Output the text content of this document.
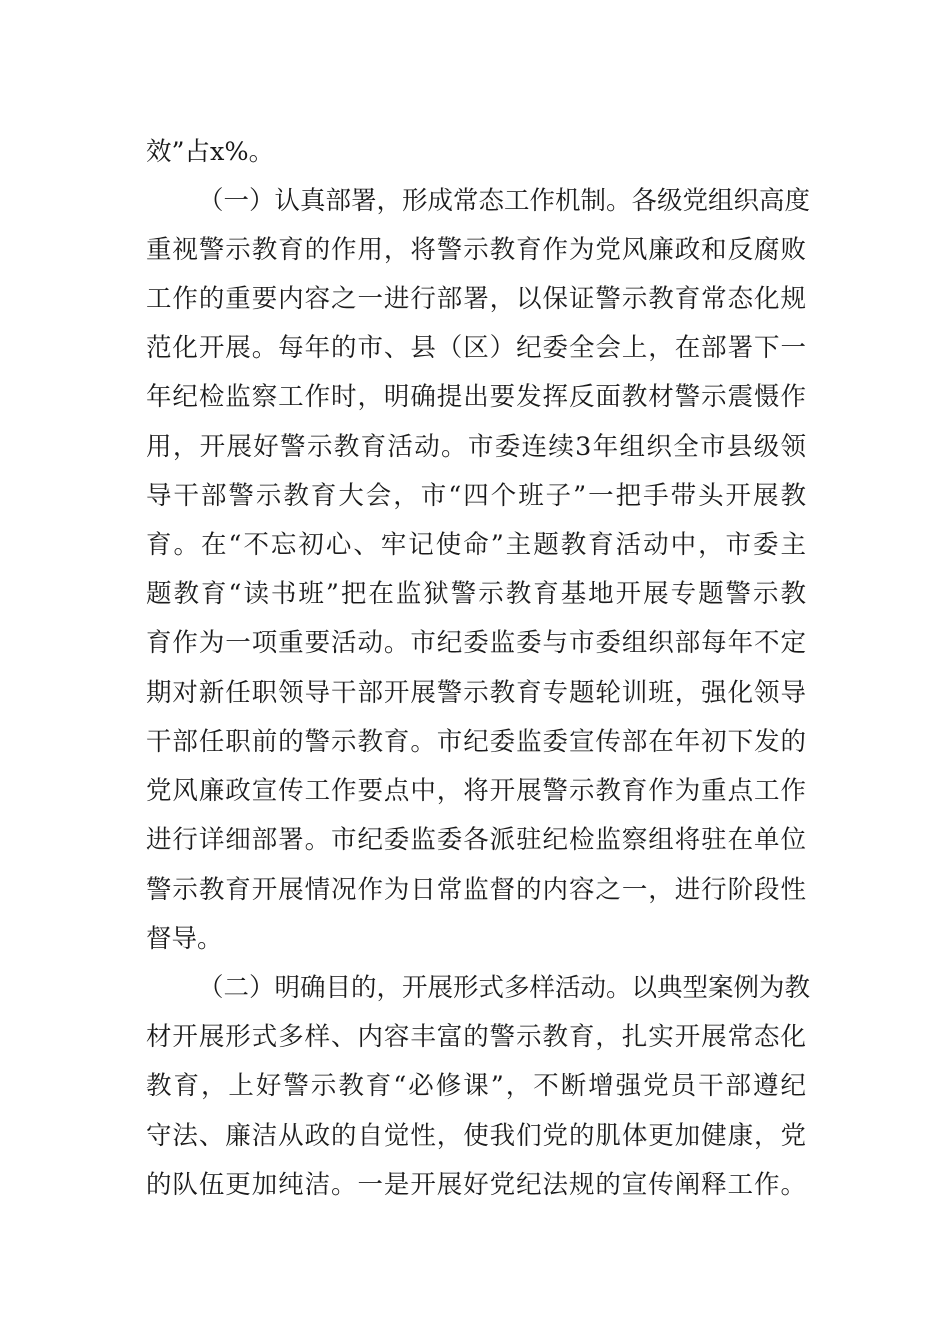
效”占x%。
（一）认真部署，形成常态工作机制。各级党组织高度
重视警示教育的作用，将警示教育作为党风廉政和反腐败
工作的重要内容之一进行部署，以保证警示教育常态化规
范化开展。每年的市、县（区）纪委全会上，在部署下一
年纪检监察工作时，明确提出要发挥反面教材警示震慑作
用，开展好警示教育活动。市委连续3年组织全市县级领
导干部警示教育大会，市“四个班子”一把手带头开展教
育。在“不忘初心、牢记使命”主题教育活动中，市委主
题教育“读书班”把在监狱警示教育基地开展专题警示教
育作为一项重要活动。市纪委监委与市委组织部每年不定
期对新任职领导干部开展警示教育专题轮训班，强化领导
干部任职前的警示教育。市纪委监委宣传部在年初下发的
党风廉政宣传工作要点中，将开展警示教育作为重点工作
进行详细部署。市纪委监委各派驻纪检监察组将驻在单位
警示教育开展情况作为日常监督的内容之一，进行阶段性
督导。
（二）明确目的，开展形式多样活动。以典型案例为教
材开展形式多样、内容丰富的警示教育，扎实开展常态化
教育，上好警示教育“必修课”，不断增强党员干部遵纪
守法、廉洁从政的自觉性，使我们党的肌体更加健康，党
的队伍更加纯洁。一是开展好党纪法规的宣传阐释工作。
